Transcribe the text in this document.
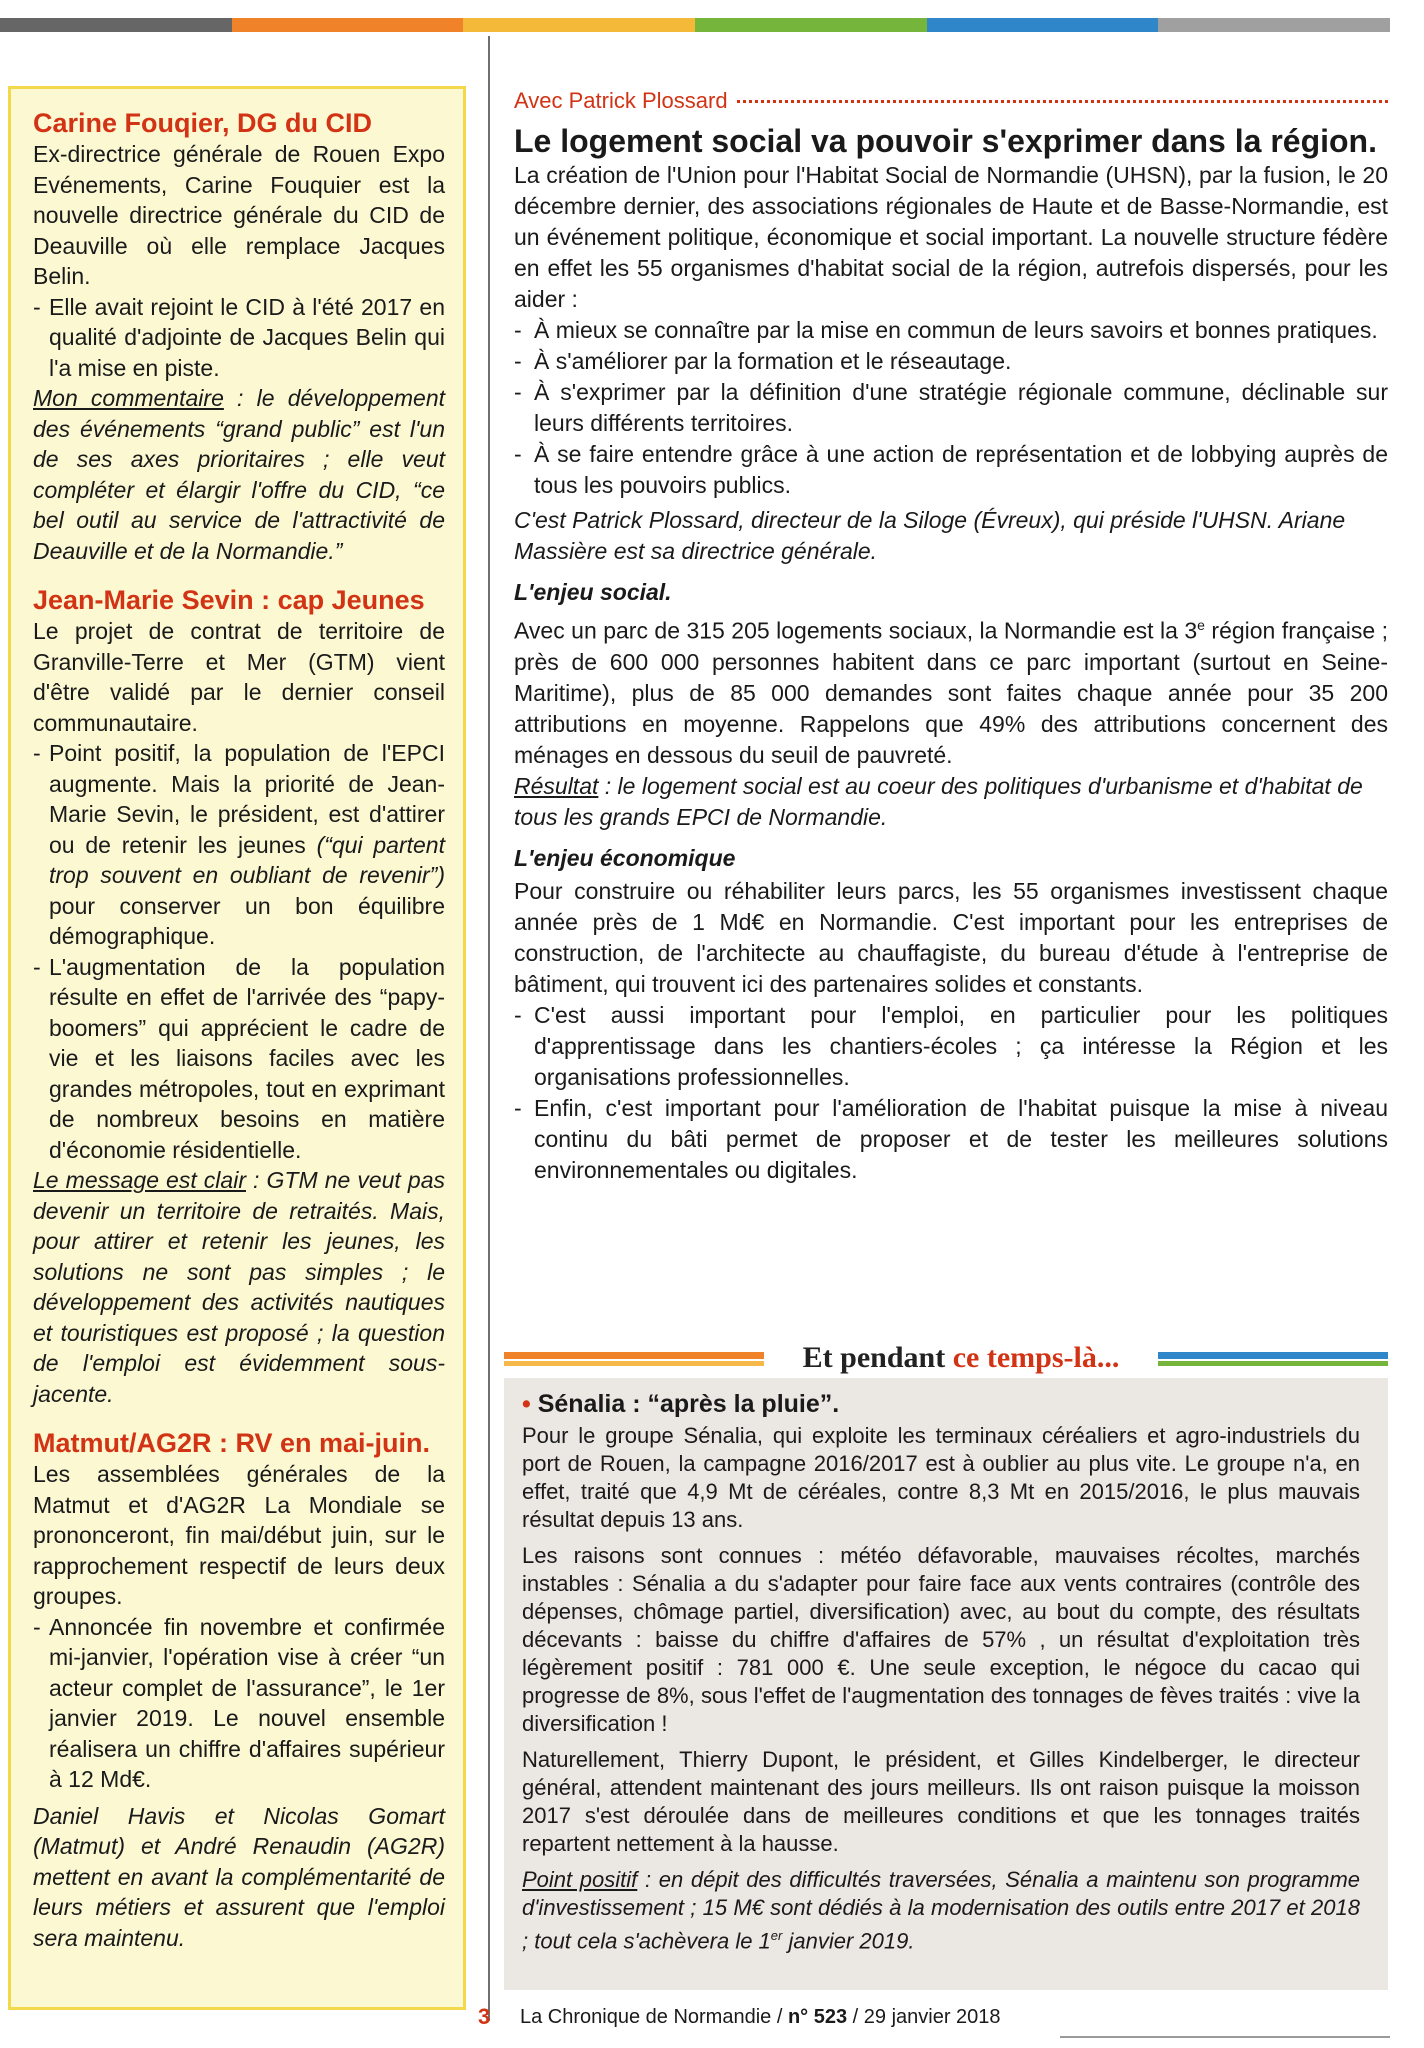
Carine Fouqier, DG du CID

Ex-directrice générale de Rouen Expo Evénements, Carine Fouquier est la nouvelle directrice générale du CID de Deauville où elle remplace Jacques Belin.

- Elle avait rejoint le CID à l'été 2017 en qualité d'adjointe de Jacques Belin qui l'a mise en piste.

Mon commentaire : le développement des événements “grand public” est l'un de ses axes prioritaires ; elle veut compléter et élargir l'offre du CID, “ce bel outil au service de l'attractivité de Deauville et de la Normandie.”

Jean-Marie Sevin : cap Jeunes

Le projet de contrat de territoire de Granville-Terre et Mer (GTM) vient d'être validé par le dernier conseil communautaire.

- Point positif, la population de l'EPCI augmente. Mais la priorité de Jean-Marie Sevin, le président, est d'attirer ou de retenir les jeunes (“qui partent trop souvent en oubliant de revenir”) pour conserver un bon équilibre démographique.
- L'augmentation de la population résulte en effet de l'arrivée des “papy-boomers” qui apprécient le cadre de vie et les liaisons faciles avec les grandes métropoles, tout en exprimant de nombreux besoins en matière d'économie résidentielle.

Le message est clair : GTM ne veut pas devenir un territoire de retraités. Mais, pour attirer et retenir les jeunes, les solutions ne sont pas simples ; le développement des activités nautiques et touristiques est proposé ; la question de l'emploi est évidemment sous-jacente.

Matmut/AG2R : RV en mai-juin.

Les assemblées générales de la Matmut et d'AG2R La Mondiale se prononceront, fin mai/début juin, sur le rapprochement respectif de leurs deux groupes.

- Annoncée fin novembre et confirmée mi-janvier, l'opération vise à créer “un acteur complet de l'assurance”, le 1er janvier 2019. Le nouvel ensemble réalisera un chiffre d'affaires supérieur à 12 Md€.

Daniel Havis et Nicolas Gomart (Matmut) et André Renaudin (AG2R) mettent en avant la complémentarité de leurs métiers et assurent que l'emploi sera maintenu.

Avec Patrick Plossard
Le logement social va pouvoir s'exprimer dans la région.

La création de l'Union pour l'Habitat Social de Normandie (UHSN), par la fusion, le 20 décembre dernier, des associations régionales de Haute et de Basse-Normandie, est un événement politique, économique et social important. La nouvelle structure fédère en effet les 55 organismes d'habitat social de la région, autrefois dispersés, pour les aider :

- À mieux se connaître par la mise en commun de leurs savoirs et bonnes pratiques.
- À s'améliorer par la formation et le réseautage.
- À s'exprimer par la définition d'une stratégie régionale commune, déclinable sur leurs différents territoires.
- À se faire entendre grâce à une action de représentation et de lobbying auprès de tous les pouvoirs publics.

C'est Patrick Plossard, directeur de la Siloge (Évreux), qui préside l'UHSN. Ariane Massière est sa directrice générale.

L'enjeu social.

Avec un parc de 315 205 logements sociaux, la Normandie est la 3e région française ; près de 600 000 personnes habitent dans ce parc important (surtout en Seine-Maritime), plus de 85 000 demandes sont faites chaque année pour 35 200 attributions en moyenne. Rappelons que 49% des attributions concernent des ménages en dessous du seuil de pauvreté.

Résultat : le logement social est au coeur des politiques d'urbanisme et d'habitat de tous les grands EPCI de Normandie.

L'enjeu économique

Pour construire ou réhabiliter leurs parcs, les 55 organismes investissent chaque année près de 1 Md€ en Normandie. C'est important pour les entreprises de construction, de l'architecte au chauffagiste, du bureau d'étude à l'entreprise de bâtiment, qui trouvent ici des partenaires solides et constants.

- C'est aussi important pour l'emploi, en particulier pour les politiques d'apprentissage dans les chantiers-écoles ; ça intéresse la Région et les organisations professionnelles.
- Enfin, c'est important pour l'amélioration de l'habitat puisque la mise à niveau continu du bâti permet de proposer et de tester les meilleures solutions environnementales ou digitales.
Et pendant ce temps-là...
• Sénalia : “après la pluie”.

Pour le groupe Sénalia, qui exploite les terminaux céréaliers et agro-industriels du port de Rouen, la campagne 2016/2017 est à oublier au plus vite. Le groupe n'a, en effet, traité que 4,9 Mt de céréales, contre 8,3 Mt en 2015/2016, le plus mauvais résultat depuis 13 ans.

Les raisons sont connues : météo défavorable, mauvaises récoltes, marchés instables : Sénalia a du s'adapter pour faire face aux vents contraires (contrôle des dépenses, chômage partiel, diversification) avec, au bout du compte, des résultats décevants : baisse du chiffre d'affaires de 57% , un résultat d'exploitation très légèrement positif : 781 000 €. Une seule exception, le négoce du cacao qui progresse de 8%, sous l'effet de l'augmentation des tonnages de fèves traités : vive la diversification !

Naturellement, Thierry Dupont, le président, et Gilles Kindelberger, le directeur général, attendent maintenant des jours meilleurs. Ils ont raison puisque la moisson 2017 s'est déroulée dans de meilleures conditions et que les tonnages traités repartent nettement à la hausse.

Point positif : en dépit des difficultés traversées, Sénalia a maintenu son programme d'investissement ; 15 M€ sont dédiés à la modernisation des outils entre 2017 et 2018 ; tout cela s'achèvera le 1er janvier 2019.

3 La Chronique de Normandie / n° 523 / 29 janvier 2018
